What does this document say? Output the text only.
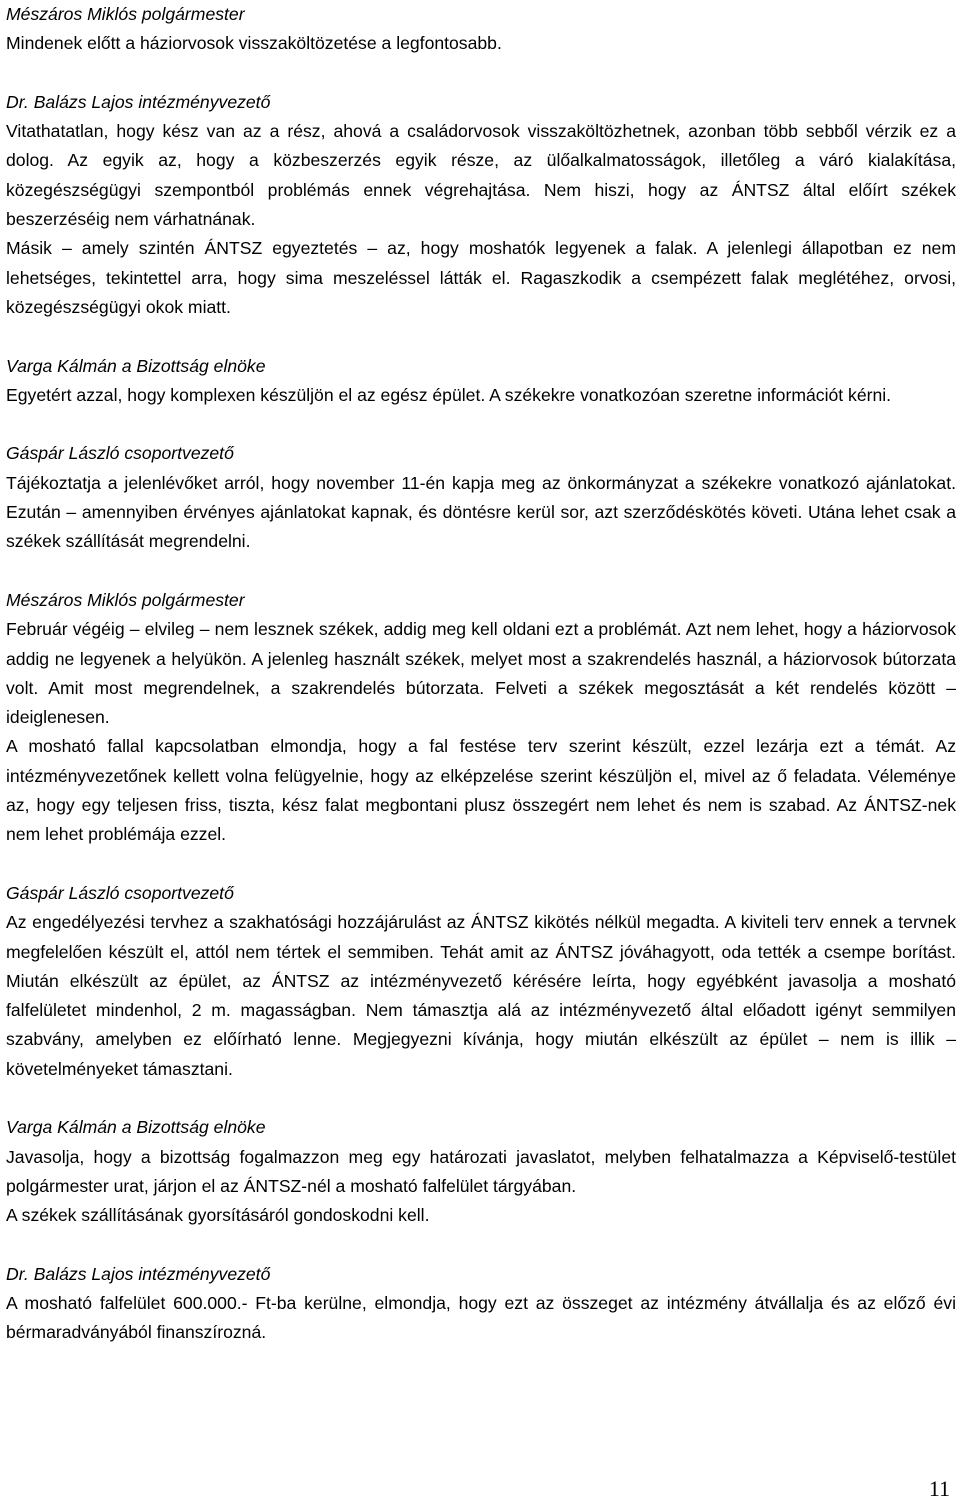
Mészáros Miklós polgármester

Mindenek előtt a háziorvosok visszaköltözetése a legfontosabb.

Dr. Balázs Lajos intézményvezető

Vitathatatlan, hogy kész van az a rész, ahová a családorvosok visszaköltözhetnek, azonban több sebből vérzik ez a dolog. Az egyik az, hogy a közbeszerzés egyik része, az ülőalkalmatosságok, illetőleg a váró kialakítása, közegészségügyi szempontból problémás ennek végrehajtása. Nem hiszi, hogy az ÁNTSZ által előírt székek beszerzéséig nem várhatnának.

Másik – amely szintén ÁNTSZ egyeztetés – az, hogy moshatók legyenek a falak. A jelenlegi állapotban ez nem lehetséges, tekintettel arra, hogy sima meszeléssel látták el. Ragaszkodik a csempézett falak meglétéhez, orvosi, közegészségügyi okok miatt.

Varga Kálmán a Bizottság elnöke

Egyetért azzal, hogy komplexen készüljön el az egész épület. A székekre vonatkozóan szeretne információt kérni.

Gáspár László csoportvezető

Tájékoztatja a jelenlévőket arról, hogy november 11-én kapja meg az önkormányzat a székekre vonatkozó ajánlatokat. Ezután – amennyiben érvényes ajánlatokat kapnak, és döntésre kerül sor, azt szerződéskötés követi. Utána lehet csak a székek szállítását megrendelni.

Mészáros Miklós polgármester

Február végéig – elvileg – nem lesznek székek, addig meg kell oldani ezt a problémát. Azt nem lehet, hogy a háziorvosok addig ne legyenek a helyükön. A jelenleg használt székek, melyet most a szakrendelés használ, a háziorvosok bútorzata volt. Amit most megrendelnek, a szakrendelés bútorzata. Felveti a székek megosztását a két rendelés között – ideiglenesen.

A mosható fallal kapcsolatban elmondja, hogy a fal festése terv szerint készült, ezzel lezárja ezt a témát. Az intézményvezetőnek kellett volna felügyelnie, hogy az elképzelése szerint készüljön el, mivel az ő feladata. Véleménye az, hogy egy teljesen friss, tiszta, kész falat megbontani plusz összegért nem lehet és nem is szabad. Az ÁNTSZ-nek nem lehet problémája ezzel.

Gáspár László csoportvezető

Az engedélyezési tervhez a szakhatósági hozzájárulást az ÁNTSZ kikötés nélkül megadta. A kiviteli terv ennek a tervnek megfelelően készült el, attól nem tértek el semmiben. Tehát amit az ÁNTSZ jóváhagyott, oda tették a csempe borítást. Miután elkészült az épület, az ÁNTSZ az intézményvezető kérésére leírta, hogy egyébként javasolja a mosható falfelületet mindenhol, 2 m. magasságban. Nem támasztja alá az intézményvezető által előadott igényt semmilyen szabvány, amelyben ez előírható lenne. Megjegyezni kívánja, hogy miután elkészült az épület – nem is illik – követelményeket támasztani.

Varga Kálmán a Bizottság elnöke

Javasolja, hogy a bizottság fogalmazzon meg egy határozati javaslatot, melyben felhatalmazza a Képviselő-testület polgármester urat, járjon el az ÁNTSZ-nél a mosható falfelület tárgyában.

A székek szállításának gyorsításáról gondoskodni kell.

Dr. Balázs Lajos intézményvezető

A mosható falfelület 600.000.- Ft-ba kerülne, elmondja, hogy ezt az összeget az intézmény átvállalja és az előző évi bérmaradványából finanszírozná.

11
